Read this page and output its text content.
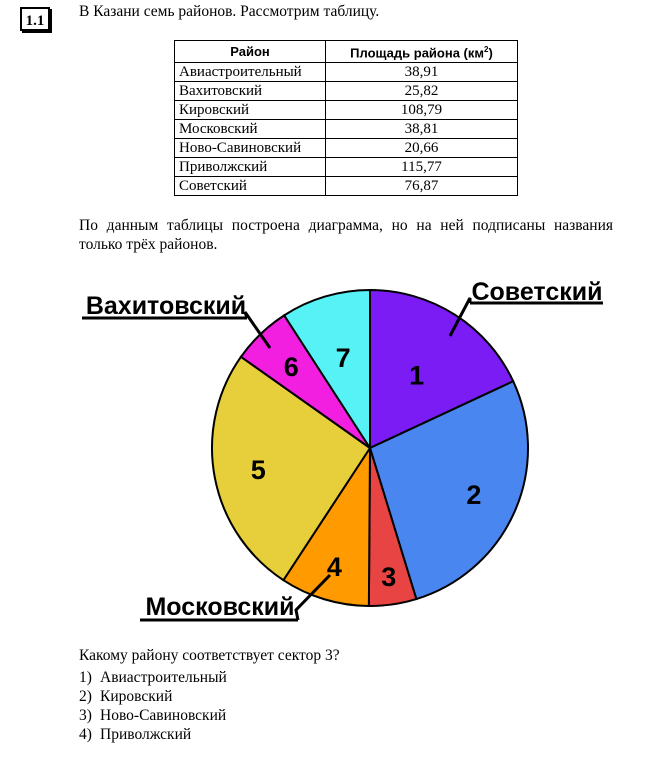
1.1
В Казани семь районов. Рассмотрим таблицу.
Район	Площадь района $(км^2)$
Авиастроительный	38,91
Вахитовский	25,82
Кировский	108,79
Московский	38,81
Ново-Савиновский	20,66
Приволжский	115,77
Советский	76,87
По данным таблицы построена диаграмма, но на ней подписаны названия только трёх районов.
1
2
3
4
5
6 7
Советский
Вахитовский
Московский
Какому району соответствует сектор 3?
1) Авиастроительный
2) Кировский
3) Ново-Савиновский
4) Приволжский
